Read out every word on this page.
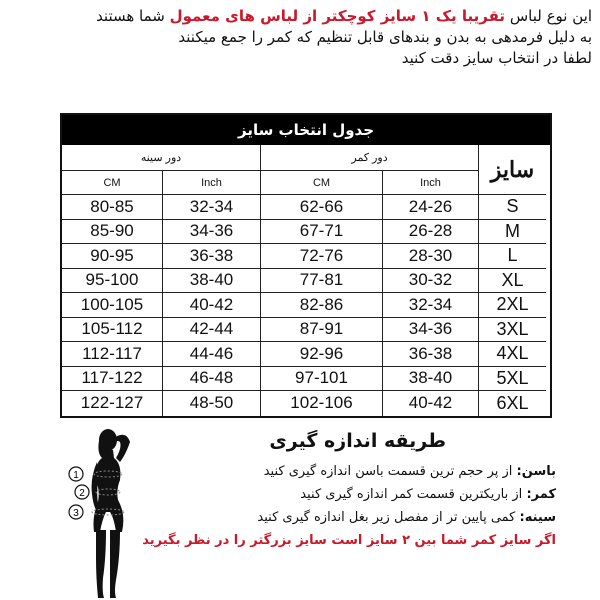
این نوع لباس تقریبا یک ۱ سایز کوچکتر از لباس های معمول شما هستند
به دلیل فرمدهی به بدن و بندهای قابل تنظیم که کمر را جمع میکنند
لطفا در انتخاب سایز دقت کنید
جدول انتخاب سایز
دور سینه	دور کمر	سایز
CM	Inch	CM	Inch
80-85	32-34	62-66	24-26	S
85-90	34-36	67-71	26-28	M
90-95	36-38	72-76	28-30	L
95-100	38-40	77-81	30-32	XL
100-105	40-42	82-86	32-34	2XL
105-112	42-44	87-91	34-36	3XL
112-117	44-46	92-96	36-38	4XL
117-122	46-48	97-101	38-40	5XL
122-127	48-50	102-106	40-42	6XL
1
2
3
طریقه اندازه گیری
باسن: از پر حجم ترین قسمت باسن اندازه گیری کنید
کمر: از باریکترین قسمت کمر اندازه گیری کنید
سینه: کمی پایین تر از مفصل زیر بغل اندازه گیری کنید
اگر سایز کمر شما بین ۲ سایز است سایز بزرگتر را در نظر بگیرید
